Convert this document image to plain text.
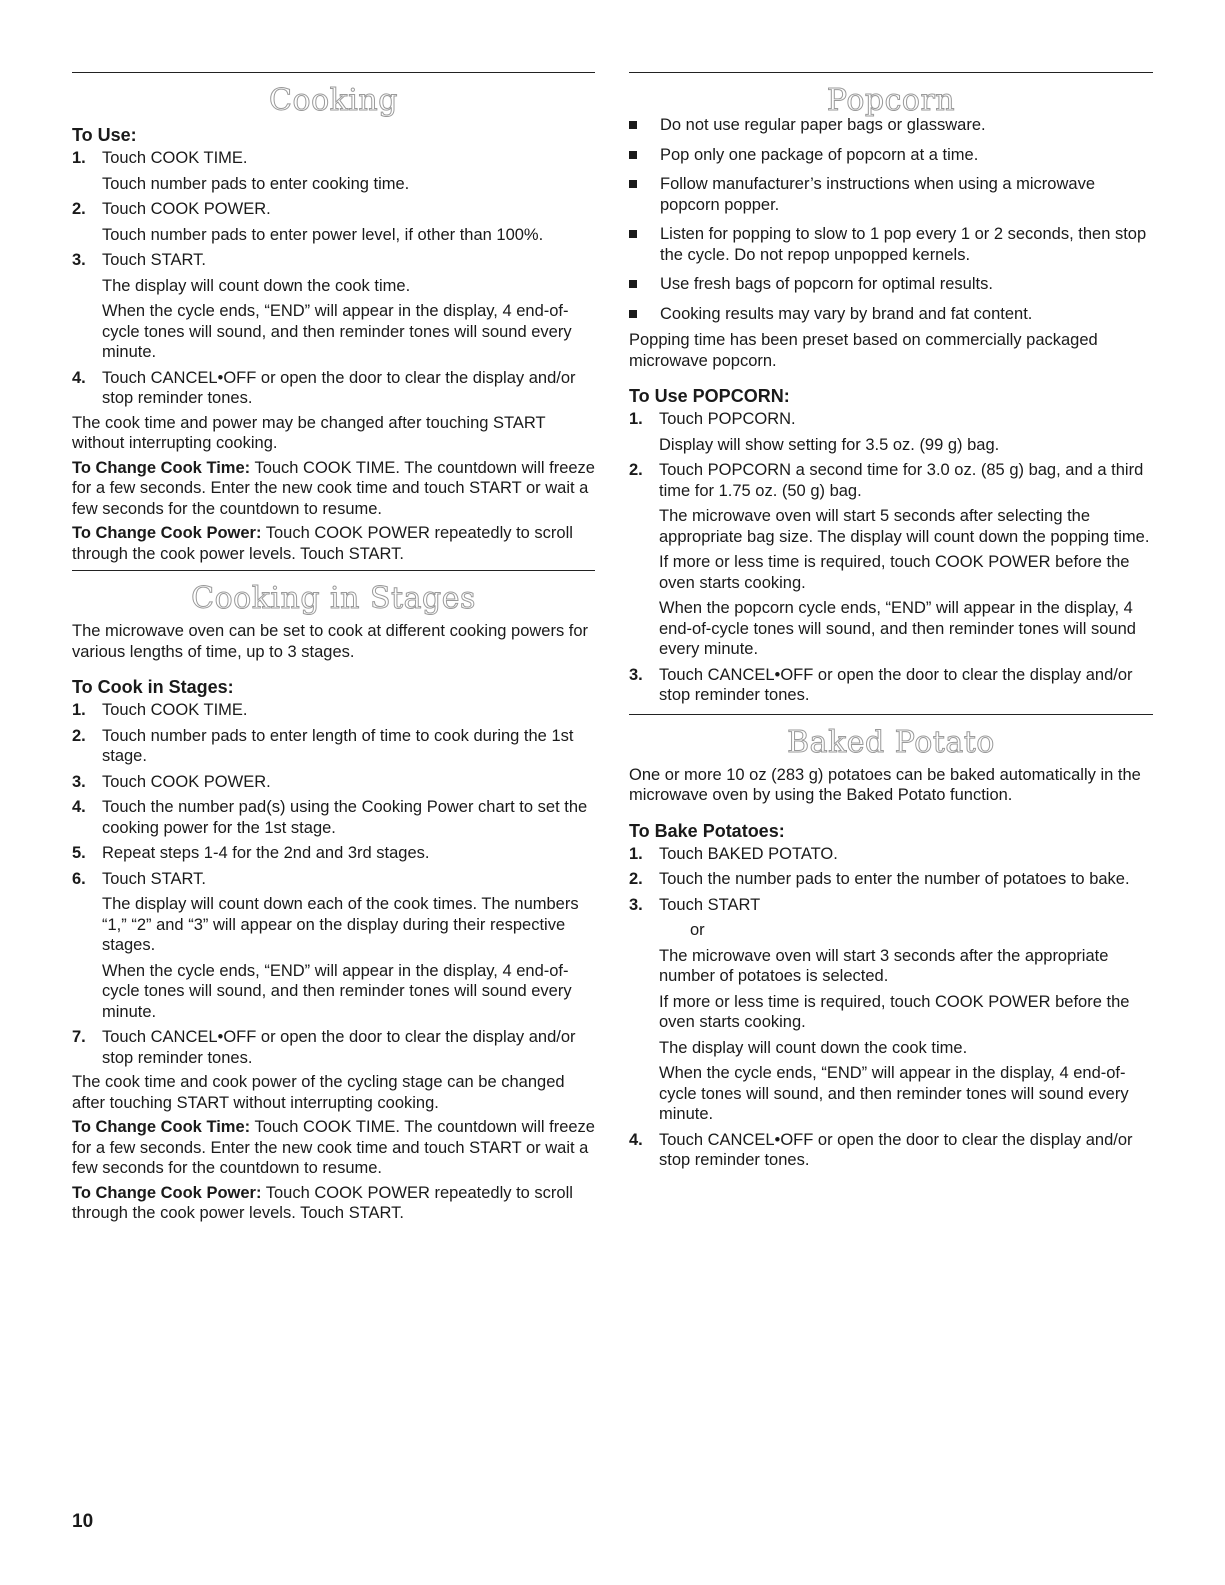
Cooking
To Use:
1. Touch COOK TIME.
Touch number pads to enter cooking time.
2. Touch COOK POWER.
Touch number pads to enter power level, if other than 100%.
3. Touch START.
The display will count down the cook time.
When the cycle ends, “END” will appear in the display, 4 end-of-cycle tones will sound, and then reminder tones will sound every minute.
4. Touch CANCEL•OFF or open the door to clear the display and/or stop reminder tones.

The cook time and power may be changed after touching START without interrupting cooking.

To Change Cook Time: Touch COOK TIME. The countdown will freeze for a few seconds. Enter the new cook time and touch START or wait a few seconds for the countdown to resume.

To Change Cook Power: Touch COOK POWER repeatedly to scroll through the cook power levels. Touch START.

Cooking in Stages

The microwave oven can be set to cook at different cooking powers for various lengths of time, up to 3 stages.

To Cook in Stages:
1. Touch COOK TIME.
2. Touch number pads to enter length of time to cook during the 1st stage.
3. Touch COOK POWER.
4. Touch the number pad(s) using the Cooking Power chart to set the cooking power for the 1st stage.
5. Repeat steps 1-4 for the 2nd and 3rd stages.
6. Touch START.
The display will count down each of the cook times. The numbers “1,” “2” and “3” will appear on the display during their respective stages.
When the cycle ends, “END” will appear in the display, 4 end-of-cycle tones will sound, and then reminder tones will sound every minute.
7. Touch CANCEL•OFF or open the door to clear the display and/or stop reminder tones.

The cook time and cook power of the cycling stage can be changed after touching START without interrupting cooking.

To Change Cook Time: Touch COOK TIME. The countdown will freeze for a few seconds. Enter the new cook time and touch START or wait a few seconds for the countdown to resume.

To Change Cook Power: Touch COOK POWER repeatedly to scroll through the cook power levels. Touch START.

Popcorn
Do not use regular paper bags or glassware.
Pop only one package of popcorn at a time.
Follow manufacturer’s instructions when using a microwave popcorn popper.
Listen for popping to slow to 1 pop every 1 or 2 seconds, then stop the cycle. Do not repop unpopped kernels.
Use fresh bags of popcorn for optimal results.
Cooking results may vary by brand and fat content.

Popping time has been preset based on commercially packaged microwave popcorn.

To Use POPCORN:
1. Touch POPCORN.
Display will show setting for 3.5 oz. (99 g) bag.
2. Touch POPCORN a second time for 3.0 oz. (85 g) bag, and a third time for 1.75 oz. (50 g) bag.
The microwave oven will start 5 seconds after selecting the appropriate bag size. The display will count down the popping time.
If more or less time is required, touch COOK POWER before the oven starts cooking.
When the popcorn cycle ends, “END” will appear in the display, 4 end-of-cycle tones will sound, and then reminder tones will sound every minute.
3. Touch CANCEL•OFF or open the door to clear the display and/or stop reminder tones.
Baked Potato

One or more 10 oz (283 g) potatoes can be baked automatically in the microwave oven by using the Baked Potato function.

To Bake Potatoes:
1. Touch BAKED POTATO.
2. Touch the number pads to enter the number of potatoes to bake.
3. Touch START
or
The microwave oven will start 3 seconds after the appropriate number of potatoes is selected.
If more or less time is required, touch COOK POWER before the oven starts cooking.
The display will count down the cook time.
When the cycle ends, “END” will appear in the display, 4 end-of-cycle tones will sound, and then reminder tones will sound every minute.
4. Touch CANCEL•OFF or open the door to clear the display and/or stop reminder tones.
10
